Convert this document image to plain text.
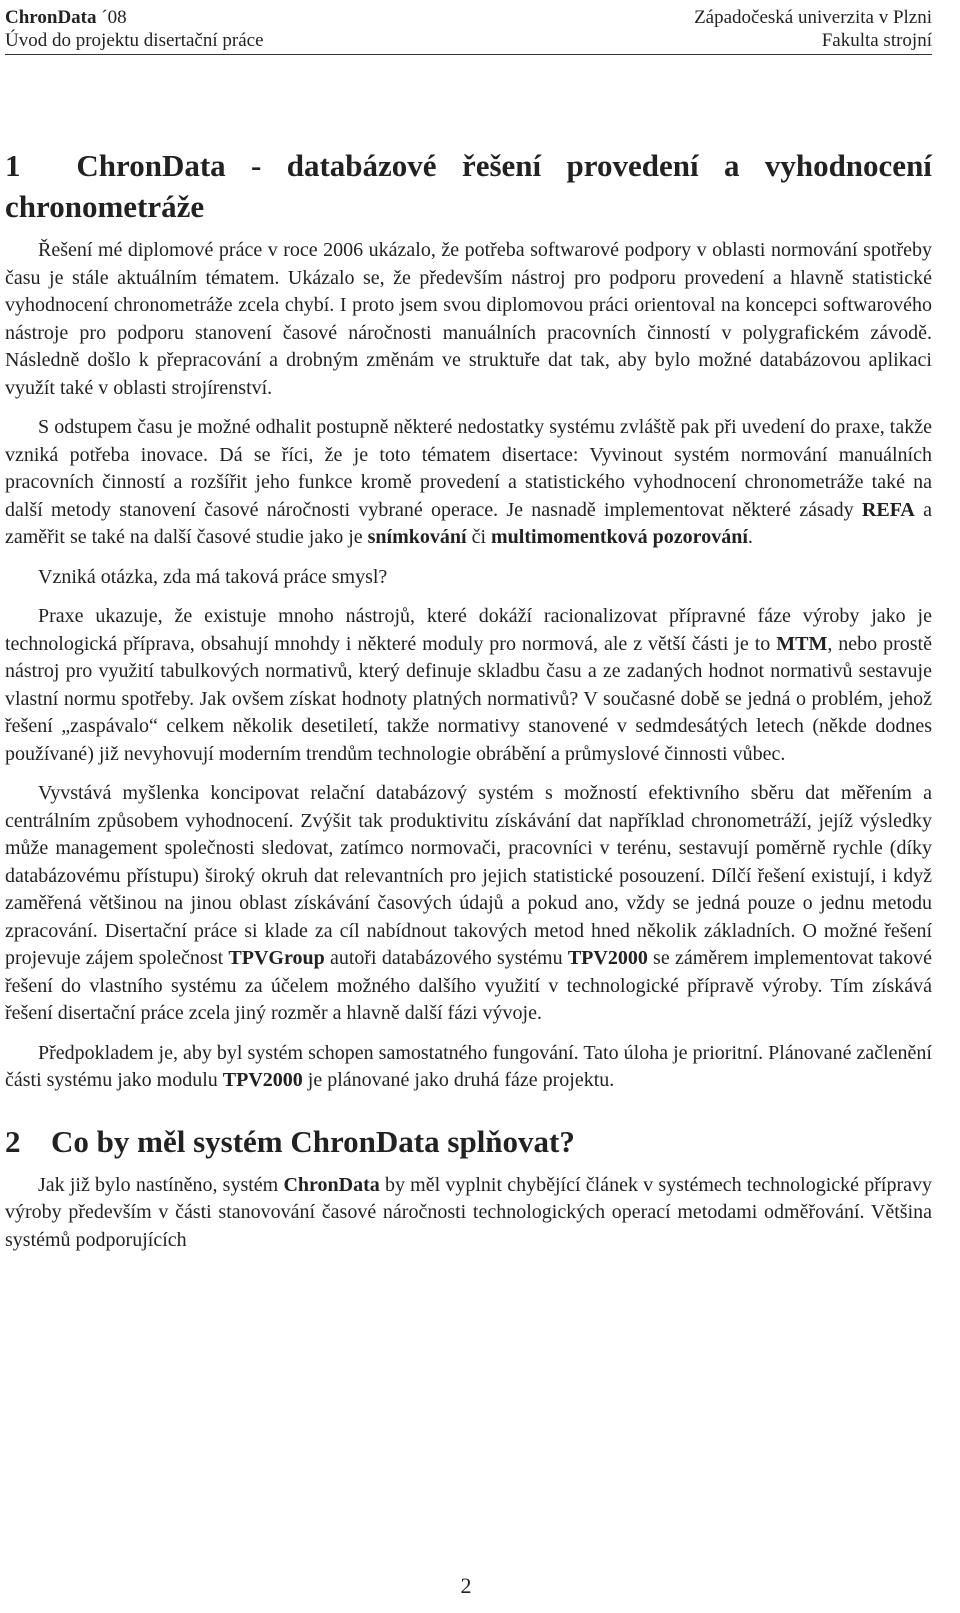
ChronData ´08
Úvod do projektu disertační práce
Západočeská univerzita v Plzni
Fakulta strojní
1	ChronData - databázové řešení provedení a vyhodnocení
chronometráže

Řešení mé diplomové práce v roce 2006 ukázalo, že potřeba softwarové podpory v oblasti normování spotřeby času je stále aktuálním tématem. Ukázalo se, že především nástroj pro podporu provedení a hlavně statistické vyhodnocení chronometráže zcela chybí. I proto jsem svou diplomovou práci orientoval na koncepci softwarového nástroje pro podporu stanovení časové náročnosti manuálních pracovních činností v polygrafickém závodě. Následně došlo k přepracování a drobným změnám ve struktuře dat tak, aby bylo možné databázovou aplikaci využít také v oblasti strojírenství.

S odstupem času je možné odhalit postupně některé nedostatky systému zvláště pak při uvedení do praxe, takže vzniká potřeba inovace. Dá se říci, že je toto tématem disertace: Vyvinout systém normování manuálních pracovních činností a rozšířit jeho funkce kromě provedení a statistického vyhodnocení chronometráže také na další metody stanovení časové náročnosti vybrané operace. Je nasnadě implementovat některé zásady REFA a zaměřit se také na další časové studie jako je snímkování či multimomentková pozorování.

Vzniká otázka, zda má taková práce smysl?

Praxe ukazuje, že existuje mnoho nástrojů, které dokáží racionalizovat přípravné fáze výroby jako je technologická příprava, obsahují mnohdy i některé moduly pro normová, ale z větší části je to MTM, nebo prostě nástroj pro využití tabulkových normativů, který definuje skladbu času a ze zadaných hodnot normativů sestavuje vlastní normu spotřeby. Jak ovšem získat hodnoty platných normativů? V současné době se jedná o problém, jehož řešení „zaspávalo“ celkem několik desetiletí, takže normativy stanovené v sedmdesátých letech (někde dodnes používané) již nevyhovují moderním trendům technologie obrábění a průmyslové činnosti vůbec.

Vyvstává myšlenka koncipovat relační databázový systém s možností efektivního sběru dat měřením a centrálním způsobem vyhodnocení. Zvýšit tak produktivitu získávání dat například chronometráží, jejíž výsledky může management společnosti sledovat, zatímco normovači, pracovníci v terénu, sestavují poměrně rychle (díky databázovému přístupu) široký okruh dat relevantních pro jejich statistické posouzení. Dílčí řešení existují, i když zaměřená většinou na jinou oblast získávání časových údajů a pokud ano, vždy se jedná pouze o jednu metodu zpracování. Disertační práce si klade za cíl nabídnout takových metod hned několik základních. O možné řešení projevuje zájem společnost TPVGroup autoři databázového systému TPV2000 se záměrem implementovat takové řešení do vlastního systému za účelem možného dalšího využití v technologické přípravě výroby. Tím získává řešení disertační práce zcela jiný rozměr a hlavně další fázi vývoje.

Předpokladem je, aby byl systém schopen samostatného fungování. Tato úloha je prioritní. Plánované začlenění části systému jako modulu TPV2000 je plánované jako druhá fáze projektu.

2 Co by měl systém ChronData splňovat?

Jak již bylo nastíněno, systém ChronData by měl vyplnit chybějící článek v systémech technologické přípravy výroby především v části stanovování časové náročnosti technologických operací metodami odměřování. Většina systémů podporujících

2
